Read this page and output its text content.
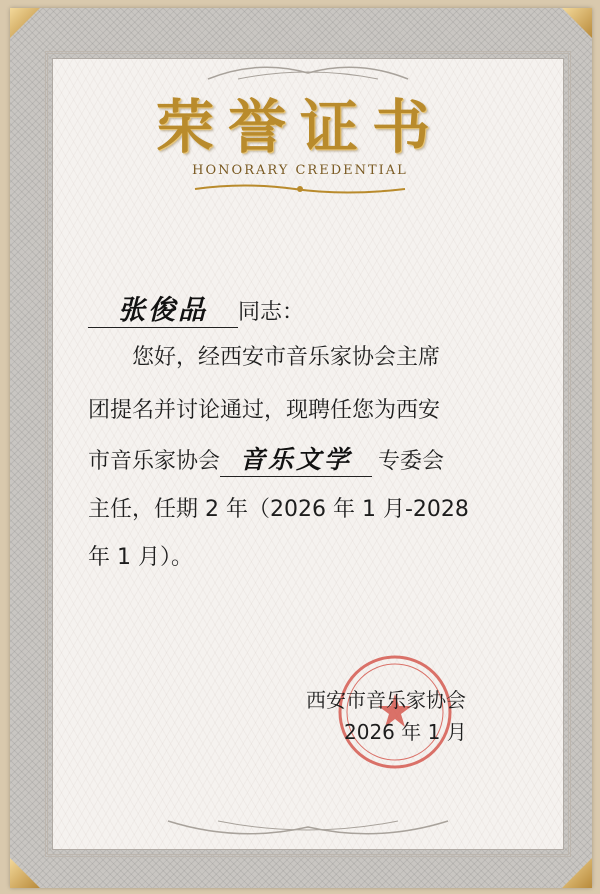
荣誉证书
HONORARY CREDENTIAL
张俊品 同志：
您好，经西安市音乐家协会主席
团提名并讨论通过，现聘任您为西安
市音乐家协会 音乐文学 专委会
主任，任期 2 年（2026 年 1 月-2028
年 1 月）。
西安市音乐家协会
2026 年 1 月
